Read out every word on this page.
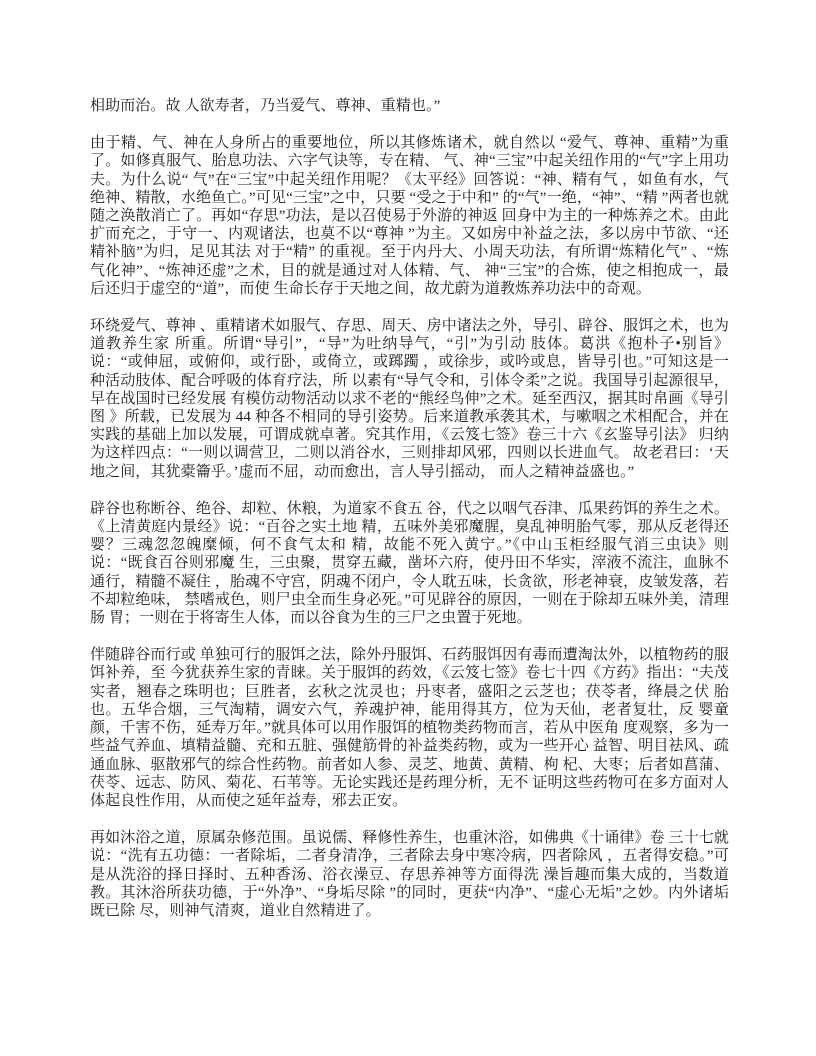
相助而治。故 人欲寿者，乃当爱气、尊神、重精也。”

由于精、气、神在人身所占的重要地位，所以其修炼诸术，就自然以 “爱气、尊神、重精”为重了。如修真服气、胎息功法、六字气诀等，专在精、 气、神“三宝”中起关纽作用的“气”字上用功夫。为什么说“ 气”在“三宝”中起关纽作用呢？《太平经》回答说：“神、精有气 ，如鱼有水，气绝神、精散，水绝鱼亡。”可见“三宝”之中，只要 “受之于中和” 的“气”一绝，“神”、“精 ”两者也就随之涣散消亡了。再如“存思”功法，是以召使易于外游的神返 回身中为主的一种炼养之术。由此扩而充之，于守一、内观诸法，也莫不以“尊神 ”为主。又如房中补益之法，多以房中节欲、“还精补脑”为归，足见其法 对于“精” 的重视。至于内丹大、小周天功法，有所谓“炼精化气” 、“炼气化神”、“炼神还虚”之术，目的就是通过对人体精、气、 神“三宝”的合炼，使之相抱成一，最后还归于虚空的“道”，而使 生命长存于天地之间，故尤蔚为道教炼养功法中的奇观。

环绕爱气、尊神 、重精诸术如服气、存思、周天、房中诸法之外，导引、辟谷、服饵之术，也为道教养生家 所重。所谓“导引”，“导”为吐纳导气，“引”为引动 肢体。葛洪《抱朴子•别旨》说：“或伸屈，或俯仰，或行卧，或倚立，或踯躅 ，或徐步，或吟或息，皆导引也。”可知这是一种活动肢体、配合呼吸的体育疗法，所 以素有“导气令和，引体令柔”之说。我国导引起源很早，早在战国时已经发展 有模仿动物活动以求不老的“熊经鸟伸”之术。延至西汉，据其时帛画《导引图 》所载，已发展为 44 种各不相同的导引姿势。后来道教承袭其术，与嗽咽之术相配合，并在 实践的基础上加以发展，可谓成就卓著。究其作用，《云笈七签》卷三十六《玄鉴导引法》 归纳为这样四点：“一则以调营卫，二则以消谷水，三则排却风邪，四则以长进血气。 故老君曰：‘天地之间，其犹橐籥乎。’虚而不屈，动而愈出，言人导引摇动， 而人之精神益盛也。”

辟谷也称断谷、绝谷、却粒、休粮，为道家不食五 谷，代之以咽气吞津、瓜果药饵的养生之术。《上清黄庭内景经》说：“百谷之实土地 精，五味外美邪魔腥，臭乱神明胎气零，那从反老得还婴？三魂忽忽魄糜倾，何不食气太和 精，故能不死入黄宁。”《中山玉柜经服气消三虫诀》则说：“既食百谷则邪魔 生，三虫聚，贯穿五藏，凿坏六府，使丹田不华实，滓液不流注，血脉不通行，精髓不凝住 ，胎魂不守宫，阴魂不闭户，令人耽五味，长贪欲，形老神衰，皮皱发落，若不却粒绝味， 禁嗜戒色，则尸虫全而生身必死。”可见辟谷的原因，一则在于除却五味外美，清理肠 胃；一则在于将寄生人体，而以谷食为生的三尸之虫置于死地。

伴随辟谷而行或 单独可行的服饵之法，除外丹服饵、石药服饵因有毒而遭淘汰外，以植物药的服饵补养，至 今犹获养生家的青睐。关于服饵的药效，《云笈七签》卷七十四《方药》指出：“夫茂 实者，翘春之珠明也；巨胜者，玄秋之沈灵也；丹枣者，盛阳之云芝也；茯苓者，绛晨之伏 胎也。五华合烟，三气淘精，调安六气，养魂护神，能用得其方，位为天仙，老者复壮，反 婴童颜，千害不伤，延寿万年。”就具体可以用作服饵的植物类药物而言，若从中医角 度观察，多为一些益气养血、填精益髓、充和五脏、强健筋骨的补益类药物，或为一些开心 益智、明目祛风、疏通血脉、驱散邪气的综合性药物。前者如人参、灵芝、地黄、黄精、枸 杞、大枣；后者如菖蒲、茯苓、远志、防风、菊花、石苇等。无论实践还是药理分析，无不 证明这些药物可在多方面对人体起良性作用，从而使之延年益寿，邪去正安。

再如沐浴之道，原属杂修范围。虽说儒、释修性养生，也重沐浴，如佛典《十诵律》卷 三十七就说：“洗有五功德：一者除垢，二者身清净，三者除去身中寒冷病，四者除风 ，五者得安稳。”可是从洗浴的择日择时、五种香汤、浴衣澡豆、存思养神等方面得洗 澡旨趣而集大成的，当数道教。其沐浴所获功德，于“外净”、“身垢尽除 ”的同时，更获“内净”、“虚心无垢”之妙。内外诸垢既已除 尽，则神气清爽，道业自然精进了。
